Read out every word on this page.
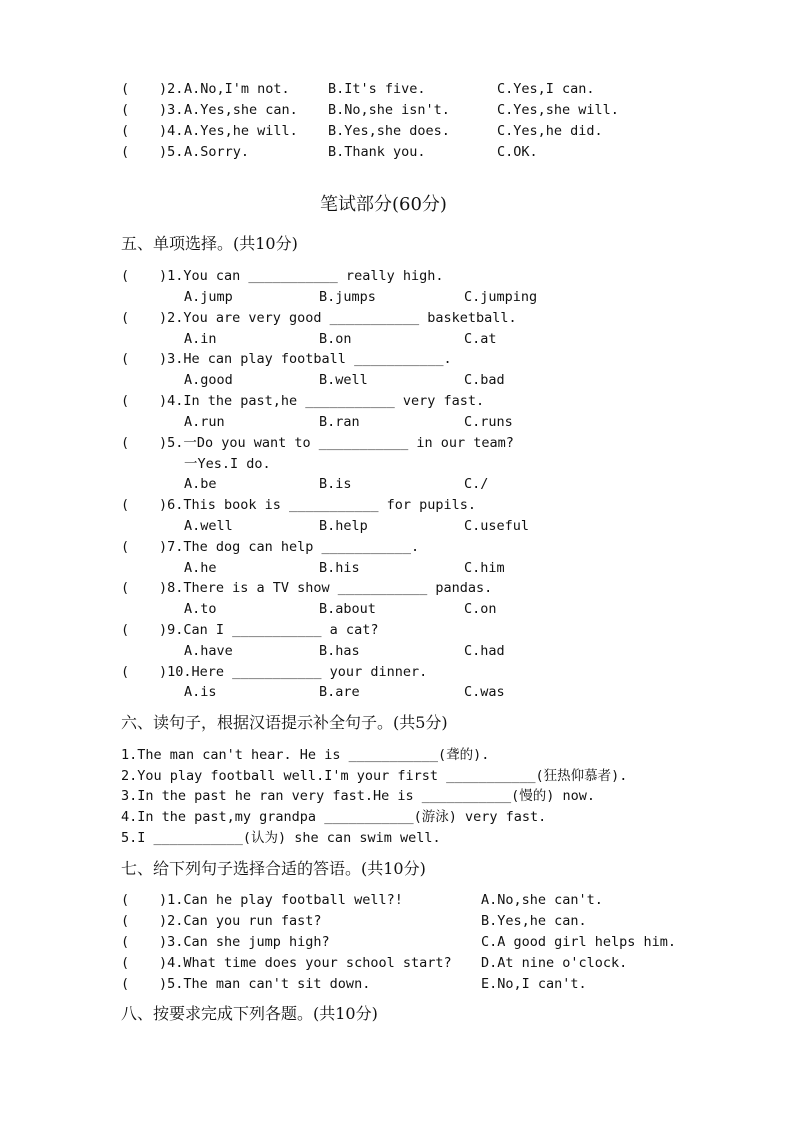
( )2. A.No,I'm not.	B.It's five.	C.Yes,I can.
( )3. A.Yes,she can. B.No,she isn't.	C.Yes,she will.
( )4. A.Yes,he will. B.Yes,she does.	C.Yes,he did.
( )5. A.Sorry.	B.Thank you.	C.OK.
笔试部分(60分)
五、单项选择。(共10分)
( )1.You can ___________ really high.
A.jump	B.jumps	C.jumping
( )2.You are very good ___________ basketball.
A.in	B.on	C.at
( )3.He can play football ___________.
A.good	B.well	C.bad
( )4.In the past,he ___________ very fast.
A.run	B.ran	C.runs
( )5.一Do you want to ___________ in our team?
一Yes.I do.
A.be	B.is	C./
( )6.This book is ___________ for pupils.
A.well	B.help	C.useful
( )7.The dog can help ___________.
A.he	B.his	C.him
( )8.There is a TV show ___________ pandas.
A.to	B.about	C.on
( )9.Can I ___________ a cat?
A.have	B.has	C.had
( )10.Here ___________ your dinner.
A.is	B.are	C.was
六、读句子，根据汉语提示补全句子。(共5分)
1.The man can't hear. He is ___________(聋的).
2.You play football well.I'm your first ___________(狂热仰慕者).
3.In the past he ran very fast.He is ___________(慢的) now.
4.In the past,my grandpa ___________(游泳) very fast.
5.I ___________(认为) she can swim well.
七、给下列句子选择合适的答语。(共10分)
( )1.Can he play football well?!	A.No,she can't.
( )2.Can you run fast?	B.Yes,he can.
( )3.Can she jump high?	C.A good girl helps him.
( )4.What time does your school start? D.At nine o'clock.
( )5.The man can't sit down.	E.No,I can't.
八、按要求完成下列各题。(共10分)
